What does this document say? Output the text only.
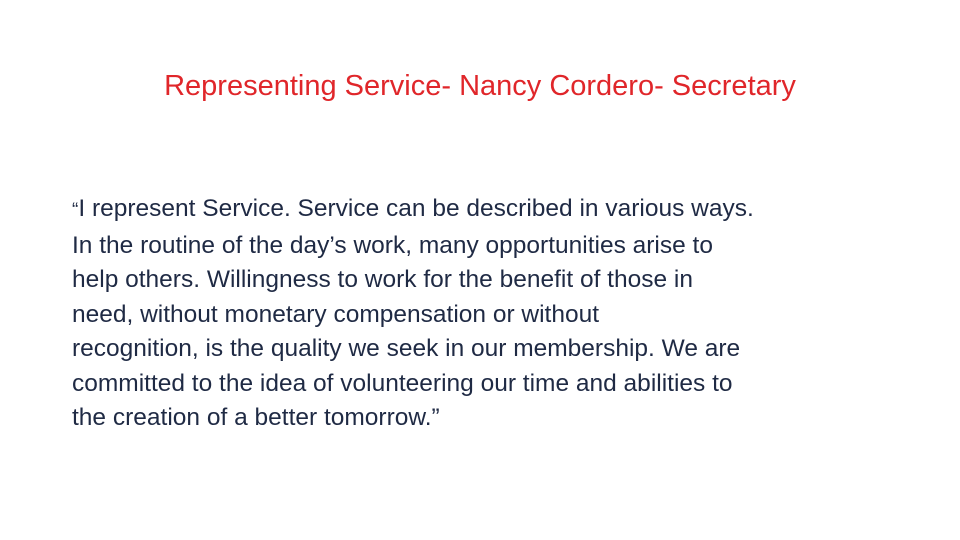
Representing Service- Nancy Cordero- Secretary
“I represent Service. Service can be described in various ways.
In the routine of the day’s work, many opportunities arise to
help others. Willingness to work for the benefit of those in
need, without monetary compensation or without
recognition, is the quality we seek in our membership. We are
committed to the idea of volunteering our time and abilities to
the creation of a better tomorrow.”
